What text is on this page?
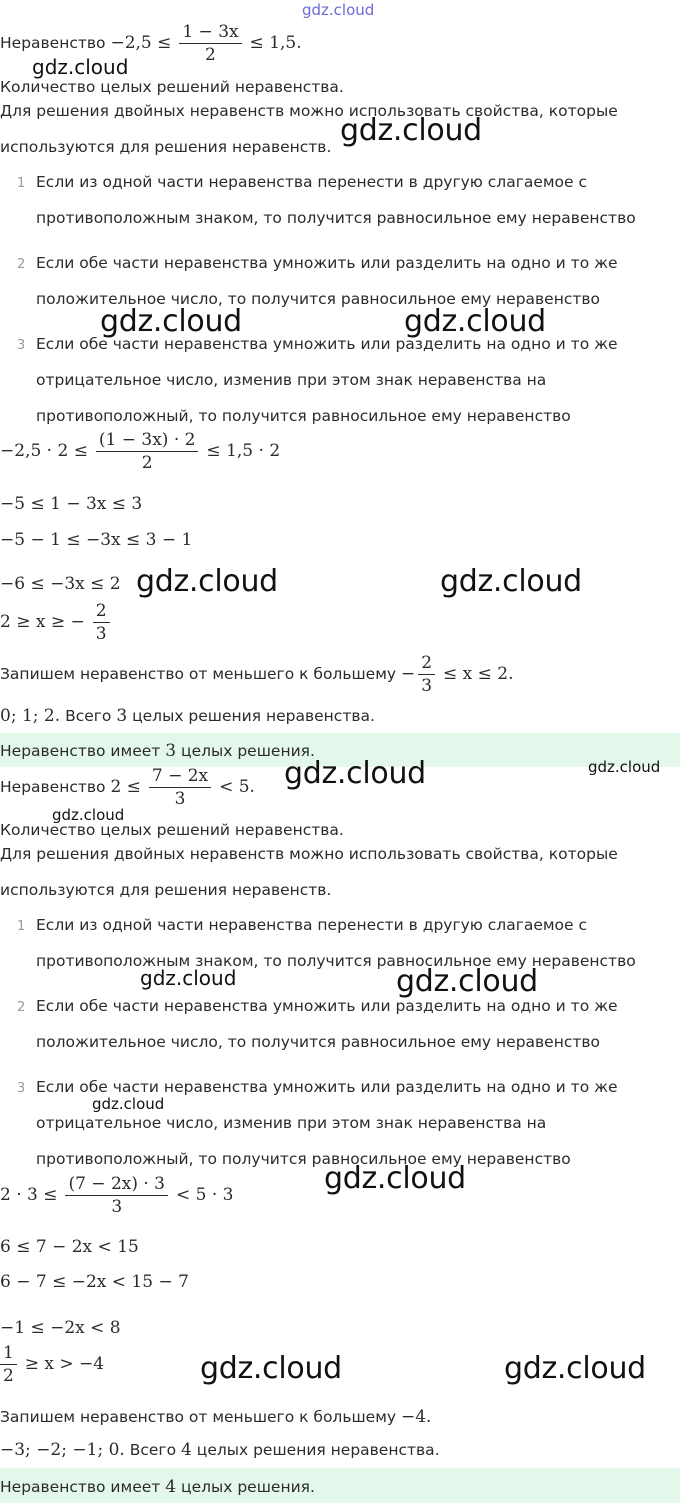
gdz.cloud
Неравенство $-2,5 \le \frac{1 - 3x}{2} \le 1,5$.
Количество целых решений неравенства.
Для решения двойных неравенств можно использовать свойства, которые
используются для решения неравенств.
1 Если из одной части неравенства перенести в другую слагаемое с
противоположным знаком, то получится равносильное ему неравенство
2 Если обе части неравенства умножить или разделить на одно и то же
положительное число, то получится равносильное ему неравенство
3 Если обе части неравенства умножить или разделить на одно и то же
отрицательное число, изменив при этом знак неравенства на
противоположный, то получится равносильное ему неравенство
$-2,5 \cdot 2 \le \frac{(1 - 3x) \cdot 2}{2} \le 1,5 \cdot 2$
−5 ≤ 1 − 3x ≤ 3
−5 − 1 ≤ −3x ≤ 3 − 1
−6 ≤ −3x ≤ 2
2 ≥ x ≥ − $\frac{2}{3}$
Запишем неравенство от меньшего к большему − $\frac{2}{3} \le x \le 2$.
0; 1; 2. Всего 3 целых решения неравенства.
Неравенство имеет 3 целых решения.
Неравенство $2 \le \frac{7 - 2x}{3} < 5$.
Количество целых решений неравенства.
Для решения двойных неравенств можно использовать свойства, которые
используются для решения неравенств.
1 Если из одной части неравенства перенести в другую слагаемое с
противоположным знаком, то получится равносильное ему неравенство
2 Если обе части неравенства умножить или разделить на одно и то же
положительное число, то получится равносильное ему неравенство
3 Если обе части неравенства умножить или разделить на одно и то же
отрицательное число, изменив при этом знак неравенства на
противоположный, то получится равносильное ему неравенство
$2 \cdot 3 \le \frac{(7 - 2x) \cdot 3}{3} < 5 \cdot 3$
6 ≤ 7 − 2x < 15
6 − 7 ≤ −2x < 15 − 7
−1 ≤ −2x < 8
$\frac{1}{2} \ge x > -4$
Запишем неравенство от меньшего к большему −4.
−3; −2; −1; 0. Всего 4 целых решения неравенства.
Неравенство имеет 4 целых решения.
gdz.cloud
gdz.cloud
gdz.cloud	gdz.cloud
gdz.cloud	gdz.cloud
gdz.cloud	gdz.cloud
gdz.cloud
gdz.cloud	gdz.cloud
gdz.cloud
gdz.cloud
gdz.cloud	gdz.cloud
